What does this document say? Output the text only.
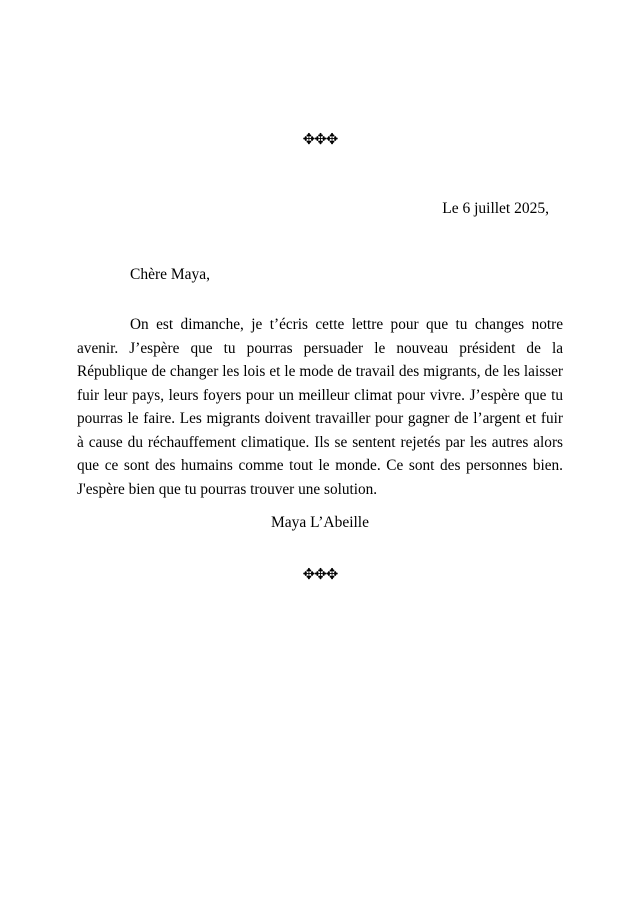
✥✥✥
Le 6 juillet 2025,
Chère Maya,

On est dimanche, je t’écris cette lettre pour que tu changes notre avenir. J’espère que tu pourras persuader le nouveau président de la République de changer les lois et le mode de travail des migrants, de les laisser fuir leur pays, leurs foyers pour un meilleur climat pour vivre. J’espère que tu pourras le faire. Les migrants doivent travailler pour gagner de l’argent et fuir à cause du réchauffement climatique. Ils se sentent rejetés par les autres alors que ce sont des humains comme tout le monde. Ce sont des personnes bien. J'espère bien que tu pourras trouver une solution.

Maya L’Abeille
✥✥✥
